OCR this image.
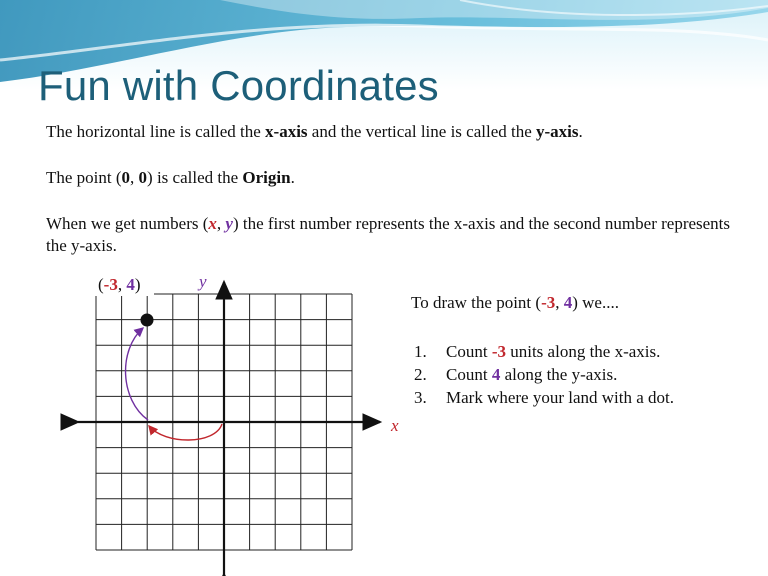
Fun with Coordinates

The horizontal line is called the x-axis and the vertical line is called the y-axis.

The point (0, 0) is called the Origin.

When we get numbers (x, y) the first number represents the x-axis and the second number represents the y-axis.

(-3, 4)	y
x

To draw the point (-3, 4) we....

1. Count -3 units along the x-axis.
2. Count 4 along the y-axis.
3. Mark where your land with a dot.
